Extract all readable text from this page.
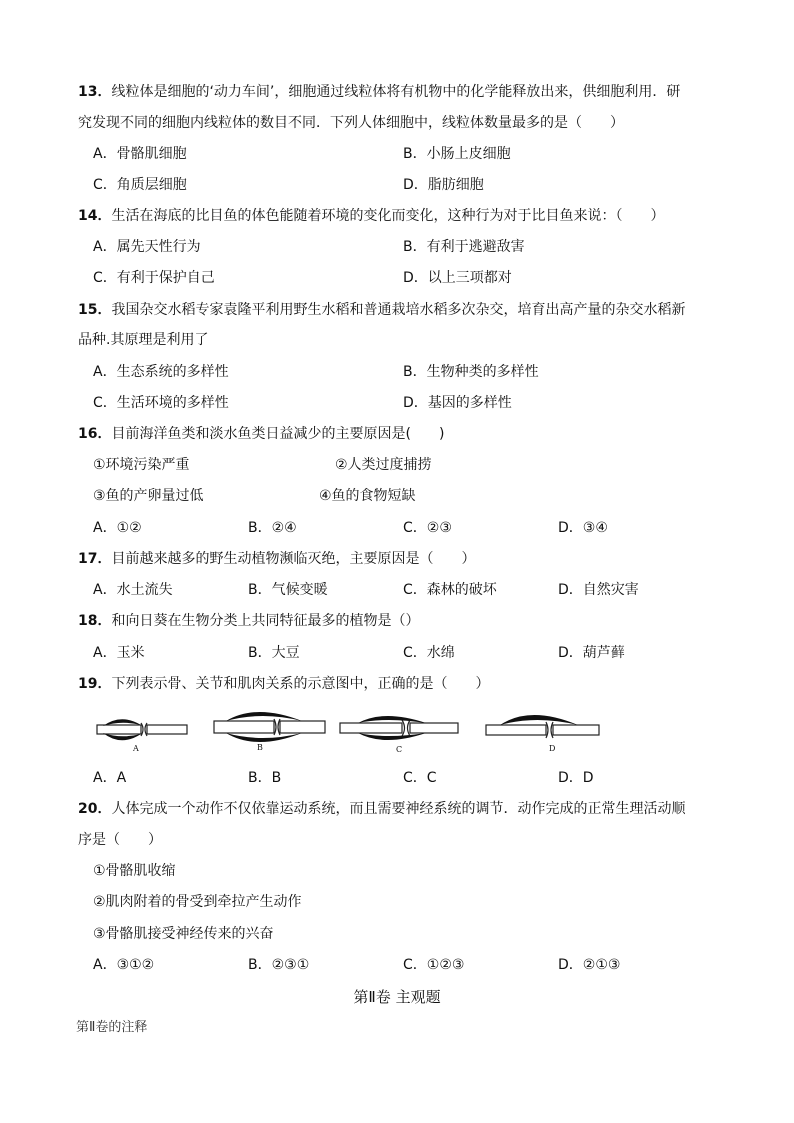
13．线粒体是细胞的‘动力车间’，细胞通过线粒体将有机物中的化学能释放出来，供细胞利用．研
究发现不同的细胞内线粒体的数目不同．下列人体细胞中，线粒体数量最多的是（　　）
A．骨骼肌细胞	B．小肠上皮细胞
C．角质层细胞	D．脂肪细胞
14．生活在海底的比目鱼的体色能随着环境的变化而变化，这种行为对于比目鱼来说：（　　）
A．属先天性行为	B．有利于逃避敌害
C．有利于保护自己	D．以上三项都对
15．我国杂交水稻专家袁隆平利用野生水稻和普通栽培水稻多次杂交，培育出高产量的杂交水稻新
品种.其原理是利用了
A．生态系统的多样性	B．生物种类的多样性
C．生活环境的多样性	D．基因的多样性
16．目前海洋鱼类和淡水鱼类日益减少的主要原因是(　　)
①环境污染严重	②人类过度捕捞
③鱼的产卵量过低	④鱼的食物短缺
A．①②	B．②④	C．②③	D．③④
17．目前越来越多的野生动植物濒临灭绝，主要原因是（　　）
A．水土流失	B．气候变暖	C．森林的破坏	D．自然灾害
18．和向日葵在生物分类上共同特征最多的植物是（）
A．玉米	B．大豆	C．水绵	D．葫芦藓
19．下列表示骨、关节和肌肉关系的示意图中，正确的是（　　）
A	B	C	D
A．A	B．B	C．C	D．D
20．人体完成一个动作不仅依靠运动系统，而且需要神经系统的调节．动作完成的正常生理活动顺
序是（　　）
①骨骼肌收缩
②肌肉附着的骨受到牵拉产生动作
③骨骼肌接受神经传来的兴奋
A．③①②	B．②③①	C．①②③	D．②①③
第Ⅱ卷 主观题
第Ⅱ卷的注释
